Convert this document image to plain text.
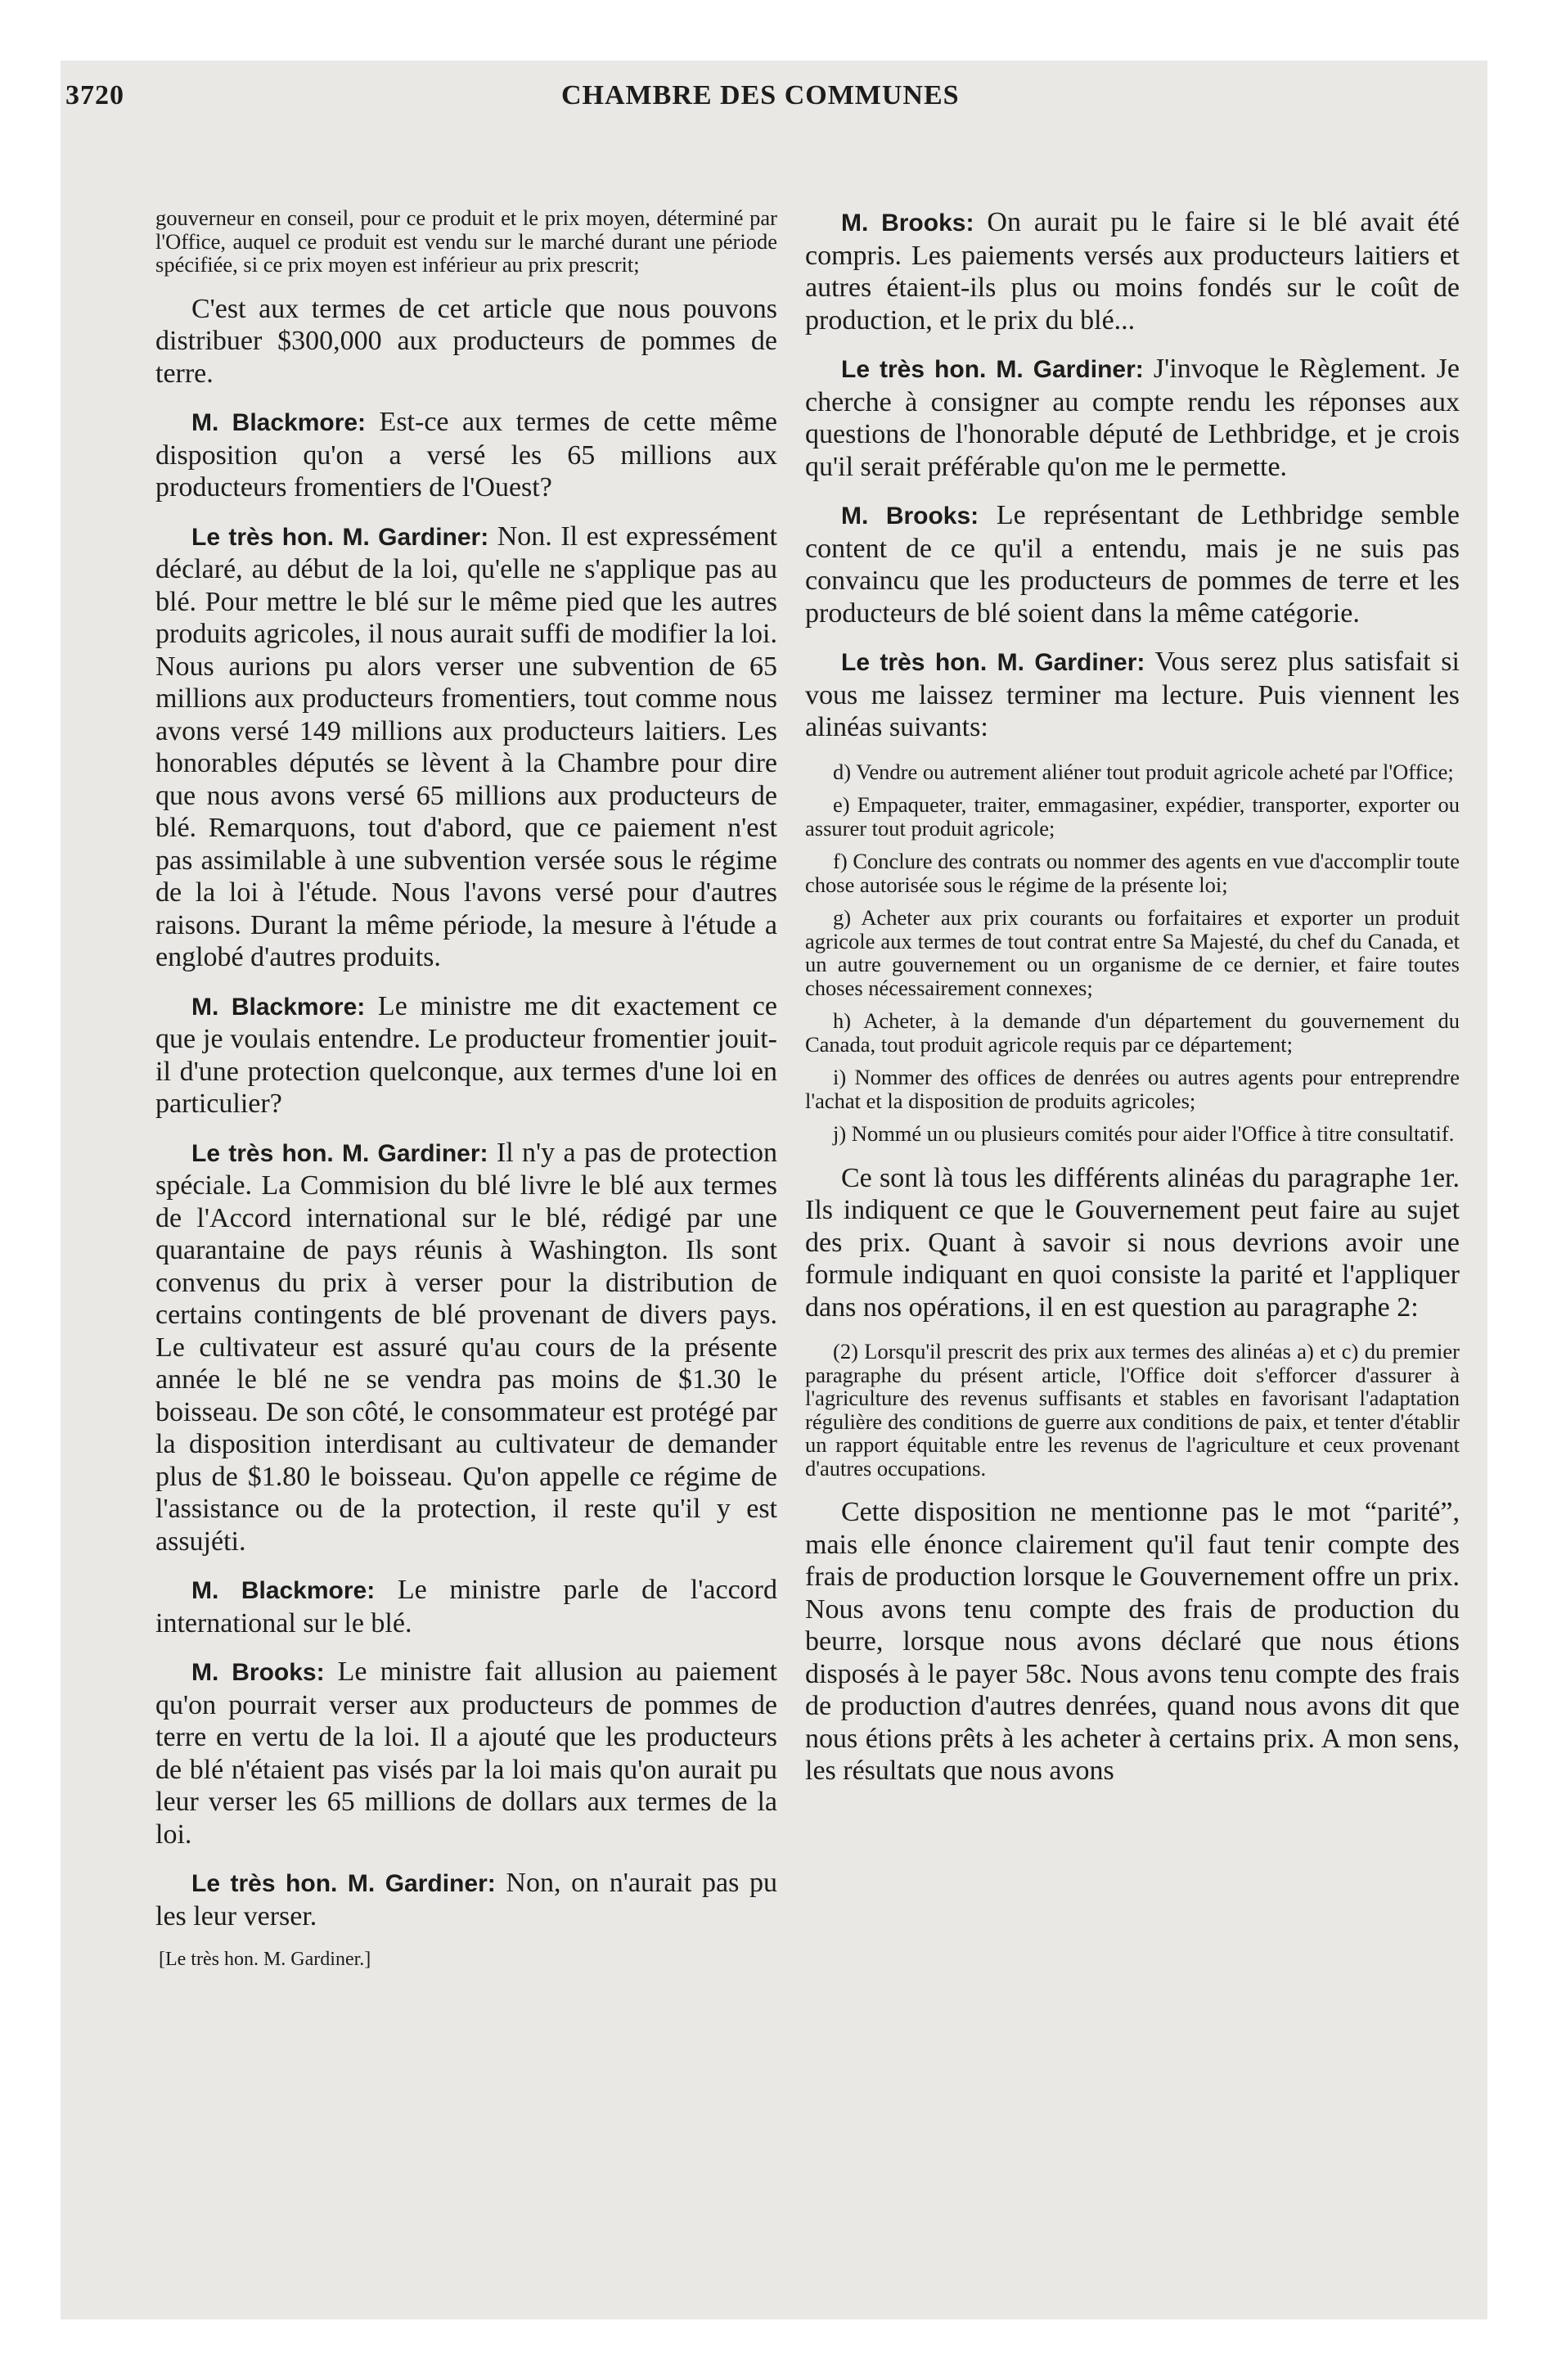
3720	CHAMBRE DES COMMUNES

gouverneur en conseil, pour ce produit et le prix moyen, déterminé par l'Office, auquel ce produit est vendu sur le marché durant une période spécifiée, si ce prix moyen est inférieur au prix prescrit;

C'est aux termes de cet article que nous pouvons distribuer $300,000 aux producteurs de pommes de terre.

M. Blackmore: Est-ce aux termes de cette même disposition qu'on a versé les 65 millions aux producteurs fromentiers de l'Ouest?

Le très hon. M. Gardiner: Non. Il est expressément déclaré, au début de la loi, qu'elle ne s'applique pas au blé. Pour mettre le blé sur le même pied que les autres produits agricoles, il nous aurait suffi de modifier la loi. Nous aurions pu alors verser une subvention de 65 millions aux producteurs fromentiers, tout comme nous avons versé 149 millions aux producteurs laitiers. Les honorables députés se lèvent à la Chambre pour dire que nous avons versé 65 millions aux producteurs de blé. Remarquons, tout d'abord, que ce paiement n'est pas assimilable à une subvention versée sous le régime de la loi à l'étude. Nous l'avons versé pour d'autres raisons. Durant la même période, la mesure à l'étude a englobé d'autres produits.

M. Blackmore: Le ministre me dit exactement ce que je voulais entendre. Le producteur fromentier jouit-il d'une protection quelconque, aux termes d'une loi en particulier?

Le très hon. M. Gardiner: Il n'y a pas de protection spéciale. La Commision du blé livre le blé aux termes de l'Accord international sur le blé, rédigé par une quarantaine de pays réunis à Washington. Ils sont convenus du prix à verser pour la distribution de certains contingents de blé provenant de divers pays. Le cultivateur est assuré qu'au cours de la présente année le blé ne se vendra pas moins de $1.30 le boisseau. De son côté, le consommateur est protégé par la disposition interdisant au cultivateur de demander plus de $1.80 le boisseau. Qu'on appelle ce régime de l'assistance ou de la protection, il reste qu'il y est assujéti.

M. Blackmore: Le ministre parle de l'accord international sur le blé.

M. Brooks: Le ministre fait allusion au paiement qu'on pourrait verser aux producteurs de pommes de terre en vertu de la loi. Il a ajouté que les producteurs de blé n'étaient pas visés par la loi mais qu'on aurait pu leur verser les 65 millions de dollars aux termes de la loi.

Le très hon. M. Gardiner: Non, on n'aurait pas pu les leur verser.

[Le très hon. M. Gardiner.]

M. Brooks: On aurait pu le faire si le blé avait été compris. Les paiements versés aux producteurs laitiers et autres étaient-ils plus ou moins fondés sur le coût de production, et le prix du blé...

Le très hon. M. Gardiner: J'invoque le Règlement. Je cherche à consigner au compte rendu les réponses aux questions de l'honorable député de Lethbridge, et je crois qu'il serait préférable qu'on me le permette.

M. Brooks: Le représentant de Lethbridge semble content de ce qu'il a entendu, mais je ne suis pas convaincu que les producteurs de pommes de terre et les producteurs de blé soient dans la même catégorie.

Le très hon. M. Gardiner: Vous serez plus satisfait si vous me laissez terminer ma lecture. Puis viennent les alinéas suivants:

d) Vendre ou autrement aliéner tout produit agricole acheté par l'Office;

e) Empaqueter, traiter, emmagasiner, expédier, transporter, exporter ou assurer tout produit agricole;

f) Conclure des contrats ou nommer des agents en vue d'accomplir toute chose autorisée sous le régime de la présente loi;

g) Acheter aux prix courants ou forfaitaires et exporter un produit agricole aux termes de tout contrat entre Sa Majesté, du chef du Canada, et un autre gouvernement ou un organisme de ce dernier, et faire toutes choses nécessairement connexes;

h) Acheter, à la demande d'un département du gouvernement du Canada, tout produit agricole requis par ce département;

i) Nommer des offices de denrées ou autres agents pour entreprendre l'achat et la disposition de produits agricoles;

j) Nommé un ou plusieurs comités pour aider l'Office à titre consultatif.

Ce sont là tous les différents alinéas du paragraphe 1er. Ils indiquent ce que le Gouvernement peut faire au sujet des prix. Quant à savoir si nous devrions avoir une formule indiquant en quoi consiste la parité et l'appliquer dans nos opérations, il en est question au paragraphe 2:

(2) Lorsqu'il prescrit des prix aux termes des alinéas a) et c) du premier paragraphe du présent article, l'Office doit s'efforcer d'assurer à l'agriculture des revenus suffisants et stables en favorisant l'adaptation régulière des conditions de guerre aux conditions de paix, et tenter d'établir un rapport équitable entre les revenus de l'agriculture et ceux provenant d'autres occupations.

Cette disposition ne mentionne pas le mot “parité”, mais elle énonce clairement qu'il faut tenir compte des frais de production lorsque le Gouvernement offre un prix. Nous avons tenu compte des frais de production du beurre, lorsque nous avons déclaré que nous étions disposés à le payer 58c. Nous avons tenu compte des frais de production d'autres denrées, quand nous avons dit que nous étions prêts à les acheter à certains prix. A mon sens, les résultats que nous avons
